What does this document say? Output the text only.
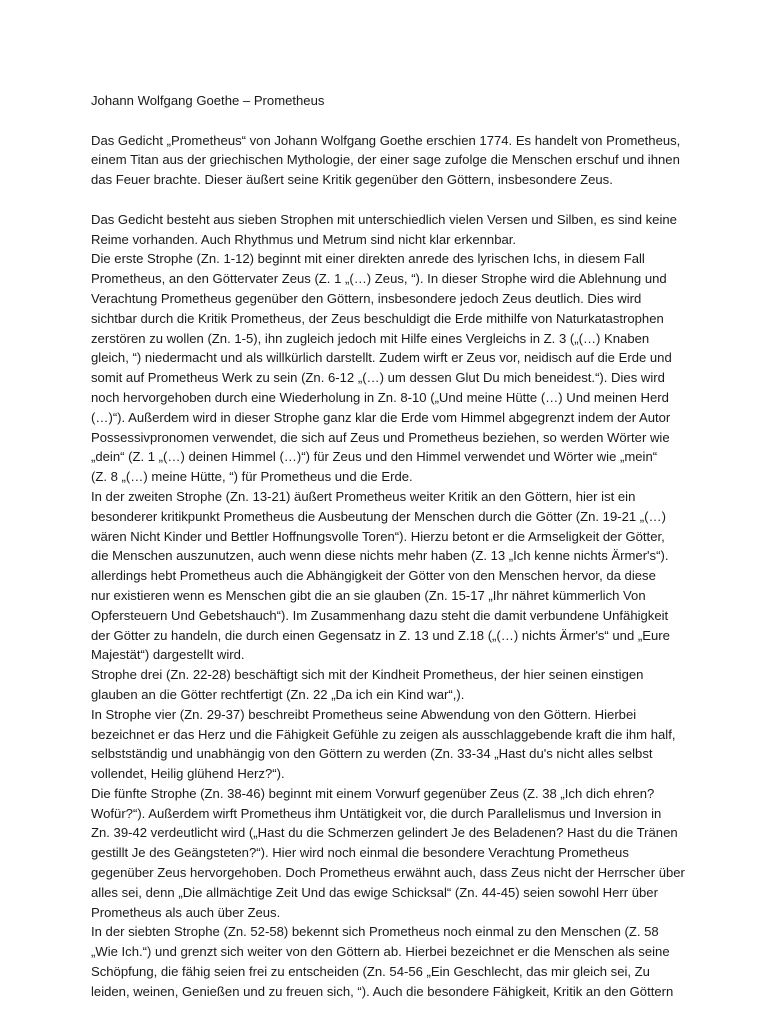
Johann Wolfgang Goethe – Prometheus
Das Gedicht „Prometheus“ von Johann Wolfgang Goethe erschien 1774. Es handelt von Prometheus,
einem Titan aus der griechischen Mythologie, der einer sage zufolge die Menschen erschuf und ihnen
das Feuer brachte. Dieser äußert seine Kritik gegenüber den Göttern, insbesondere Zeus.
Das Gedicht besteht aus sieben Strophen mit unterschiedlich vielen Versen und Silben, es sind keine
Reime vorhanden. Auch Rhythmus und Metrum sind nicht klar erkennbar.
Die erste Strophe (Zn. 1-12) beginnt mit einer direkten anrede des lyrischen Ichs, in diesem Fall
Prometheus, an den Göttervater Zeus (Z. 1 „(…) Zeus, “). In dieser Strophe wird die Ablehnung und
Verachtung Prometheus gegenüber den Göttern, insbesondere jedoch Zeus deutlich. Dies wird
sichtbar durch die Kritik Prometheus, der Zeus beschuldigt die Erde mithilfe von Naturkatastrophen
zerstören zu wollen (Zn. 1-5), ihn zugleich jedoch mit Hilfe eines Vergleichs in Z. 3 („(…) Knaben
gleich, “) niedermacht und als willkürlich darstellt. Zudem wirft er Zeus vor, neidisch auf die Erde und
somit auf Prometheus Werk zu sein (Zn. 6-12 „(…) um dessen Glut Du mich beneidest.“). Dies wird
noch hervorgehoben durch eine Wiederholung in Zn. 8-10 („Und meine Hütte (…) Und meinen Herd
(…)“). Außerdem wird in dieser Strophe ganz klar die Erde vom Himmel abgegrenzt indem der Autor
Possessivpronomen verwendet, die sich auf Zeus und Prometheus beziehen, so werden Wörter wie
„dein“ (Z. 1 „(…) deinen Himmel (…)“) für Zeus und den Himmel verwendet und Wörter wie „mein“
(Z. 8 „(…) meine Hütte, “) für Prometheus und die Erde.
In der zweiten Strophe (Zn. 13-21) äußert Prometheus weiter Kritik an den Göttern, hier ist ein
besonderer kritikpunkt Prometheus die Ausbeutung der Menschen durch die Götter (Zn. 19-21 „(…)
wären Nicht Kinder und Bettler Hoffnungsvolle Toren“). Hierzu betont er die Armseligkeit der Götter,
die Menschen auszunutzen, auch wenn diese nichts mehr haben (Z. 13 „Ich kenne nichts Ärmer's“).
allerdings hebt Prometheus auch die Abhängigkeit der Götter von den Menschen hervor, da diese
nur existieren wenn es Menschen gibt die an sie glauben (Zn. 15-17 „Ihr nähret kümmerlich Von
Opfersteuern Und Gebetshauch“). Im Zusammenhang dazu steht die damit verbundene Unfähigkeit
der Götter zu handeln, die durch einen Gegensatz in Z. 13 und Z.18 („(…) nichts Ärmer's“ und „Eure
Majestät“) dargestellt wird.
Strophe drei (Zn. 22-28) beschäftigt sich mit der Kindheit Prometheus, der hier seinen einstigen
glauben an die Götter rechtfertigt (Zn. 22 „Da ich ein Kind war“,).
In Strophe vier (Zn. 29-37) beschreibt Prometheus seine Abwendung von den Göttern. Hierbei
bezeichnet er das Herz und die Fähigkeit Gefühle zu zeigen als ausschlaggebende kraft die ihm half,
selbstständig und unabhängig von den Göttern zu werden (Zn. 33-34 „Hast du's nicht alles selbst
vollendet, Heilig glühend Herz?“).
Die fünfte Strophe (Zn. 38-46) beginnt mit einem Vorwurf gegenüber Zeus (Z. 38 „Ich dich ehren?
Wofür?“). Außerdem wirft Prometheus ihm Untätigkeit vor, die durch Parallelismus und Inversion in
Zn. 39-42 verdeutlicht wird („Hast du die Schmerzen gelindert Je des Beladenen? Hast du die Tränen
gestillt Je des Geängsteten?“). Hier wird noch einmal die besondere Verachtung Prometheus
gegenüber Zeus hervorgehoben. Doch Prometheus erwähnt auch, dass Zeus nicht der Herrscher über
alles sei, denn „Die allmächtige Zeit Und das ewige Schicksal“ (Zn. 44-45) seien sowohl Herr über
Prometheus als auch über Zeus.
In der siebten Strophe (Zn. 52-58) bekennt sich Prometheus noch einmal zu den Menschen (Z. 58
„Wie Ich.“) und grenzt sich weiter von den Göttern ab. Hierbei bezeichnet er die Menschen als seine
Schöpfung, die fähig seien frei zu entscheiden (Zn. 54-56 „Ein Geschlecht, das mir gleich sei, Zu
leiden, weinen, Genießen und zu freuen sich, “). Auch die besondere Fähigkeit, Kritik an den Göttern
